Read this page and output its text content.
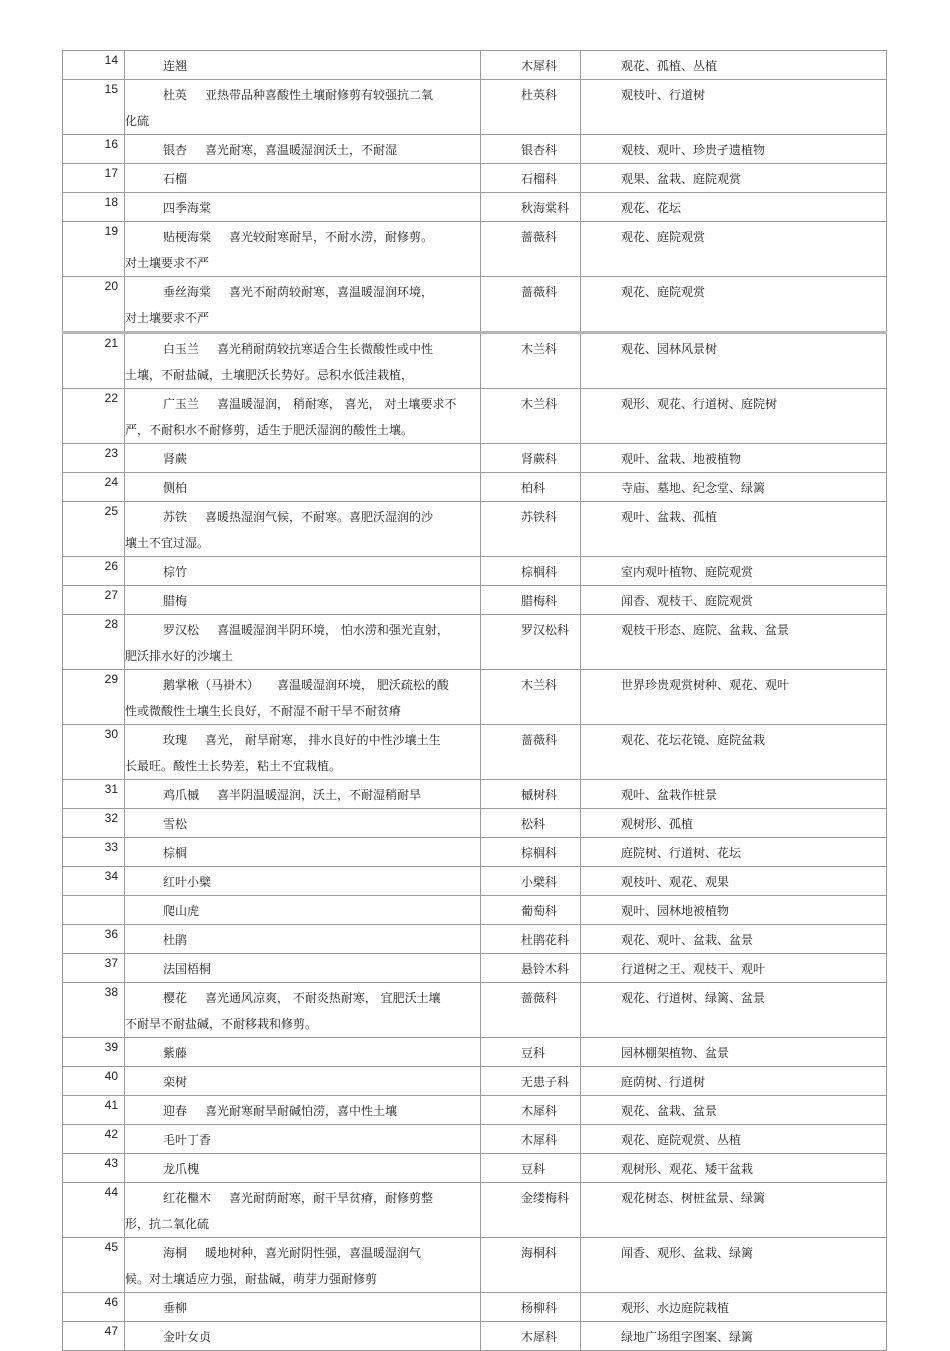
14	连翘	木犀科	观花、孤植、丛植
15	杜英 亚热带品种喜酸性土壤耐修剪有较强抗二氧
化硫	杜英科	观枝叶、行道树
16	银杏 喜光耐寒，喜温暖湿润沃土，不耐湿	银杏科	观枝、观叶、珍贵孑遗植物
17	石榴	石榴科	观果、盆栽、庭院观赏
18	四季海棠	秋海棠科	观花、花坛
19	贴梗海棠 喜光较耐寒耐旱，不耐水涝，耐修剪。
对土壤要求不严	蔷薇科	观花、庭院观赏
20	垂丝海棠 喜光不耐荫较耐寒，喜温暖湿润环境，
对土壤要求不严	蔷薇科	观花、庭院观赏
21	白玉兰 喜光稍耐荫较抗寒适合生长微酸性或中性
土壤，不耐盐碱，土壤肥沃长势好。忌积水低洼栽植，	木兰科	观花、园林风景树
22	广玉兰 喜温暖湿润， 稍耐寒， 喜光， 对土壤要求不
严，不耐积水不耐修剪，适生于肥沃湿润的酸性土壤。	木兰科	观形、观花、行道树、庭院树
23	肾蕨	肾蕨科	观叶、盆栽、地被植物
24	侧柏	柏科	寺庙、墓地、纪念堂、绿篱
25	苏铁 喜暖热湿润气候，不耐寒。喜肥沃湿润的沙
壤土不宜过湿。	苏铁科	观叶、盆栽、孤植
26	棕竹	棕榈科	室内观叶植物、庭院观赏
27	腊梅	腊梅科	闻香、观枝干、庭院观赏
28	罗汉松 喜温暖湿润半阴环境， 怕水涝和强光直射，
肥沃排水好的沙壤土	罗汉松科	观枝干形态、庭院、盆栽、盆景
29	鹅掌楸（马褂木） 喜温暖湿润环境， 肥沃疏松的酸
性或微酸性土壤生长良好，不耐湿不耐干旱不耐贫瘠	木兰科	世界珍贵观赏树种、观花、观叶
30	玫瑰 喜光， 耐旱耐寒， 排水良好的中性沙壤土生
长最旺。酸性土长势差，粘土不宜栽植。	蔷薇科	观花、花坛花镜、庭院盆栽
31	鸡爪槭 喜半阴温暖湿润，沃土，不耐湿稍耐旱	槭树科	观叶、盆栽作桩景
32	雪松	松科	观树形、孤植
33	棕榈	棕榈科	庭院树、行道树、花坛
34	红叶小檗	小檗科	观枝叶、观花、观果

	爬山虎	葡萄科	观叶、园林地被植物
36	杜鹃	杜鹃花科	观花、观叶、盆栽、盆景
37	法国梧桐	悬铃木科	行道树之王、观枝干、观叶
38	樱花 喜光通风凉爽， 不耐炎热耐寒， 宜肥沃土壤
不耐旱不耐盐碱，不耐移栽和修剪。	蔷薇科	观花、行道树、绿篱、盆景
39	紫藤	豆科	园林棚架植物、盆景
40	栾树	无患子科	庭荫树、行道树
41	迎春 喜光耐寒耐旱耐碱怕涝，喜中性土壤	木犀科	观花、盆栽、盆景
42	毛叶丁香	木犀科	观花、庭院观赏、丛植
43	龙爪槐	豆科	观树形、观花、矮干盆栽
44	红花檵木 喜光耐荫耐寒，耐干旱贫瘠，耐修剪整
形，抗二氧化硫	金缕梅科	观花树态、树桩盆景、绿篱
45	海桐 暖地树种，喜光耐阴性强，喜温暖湿润气
候。对土壤适应力强，耐盐碱，萌芽力强耐修剪	海桐科	闻香、观形、盆栽、绿篱
46	垂柳	杨柳科	观形、水边庭院栽植
47	金叶女贞	木犀科	绿地广场组字图案、绿篱
